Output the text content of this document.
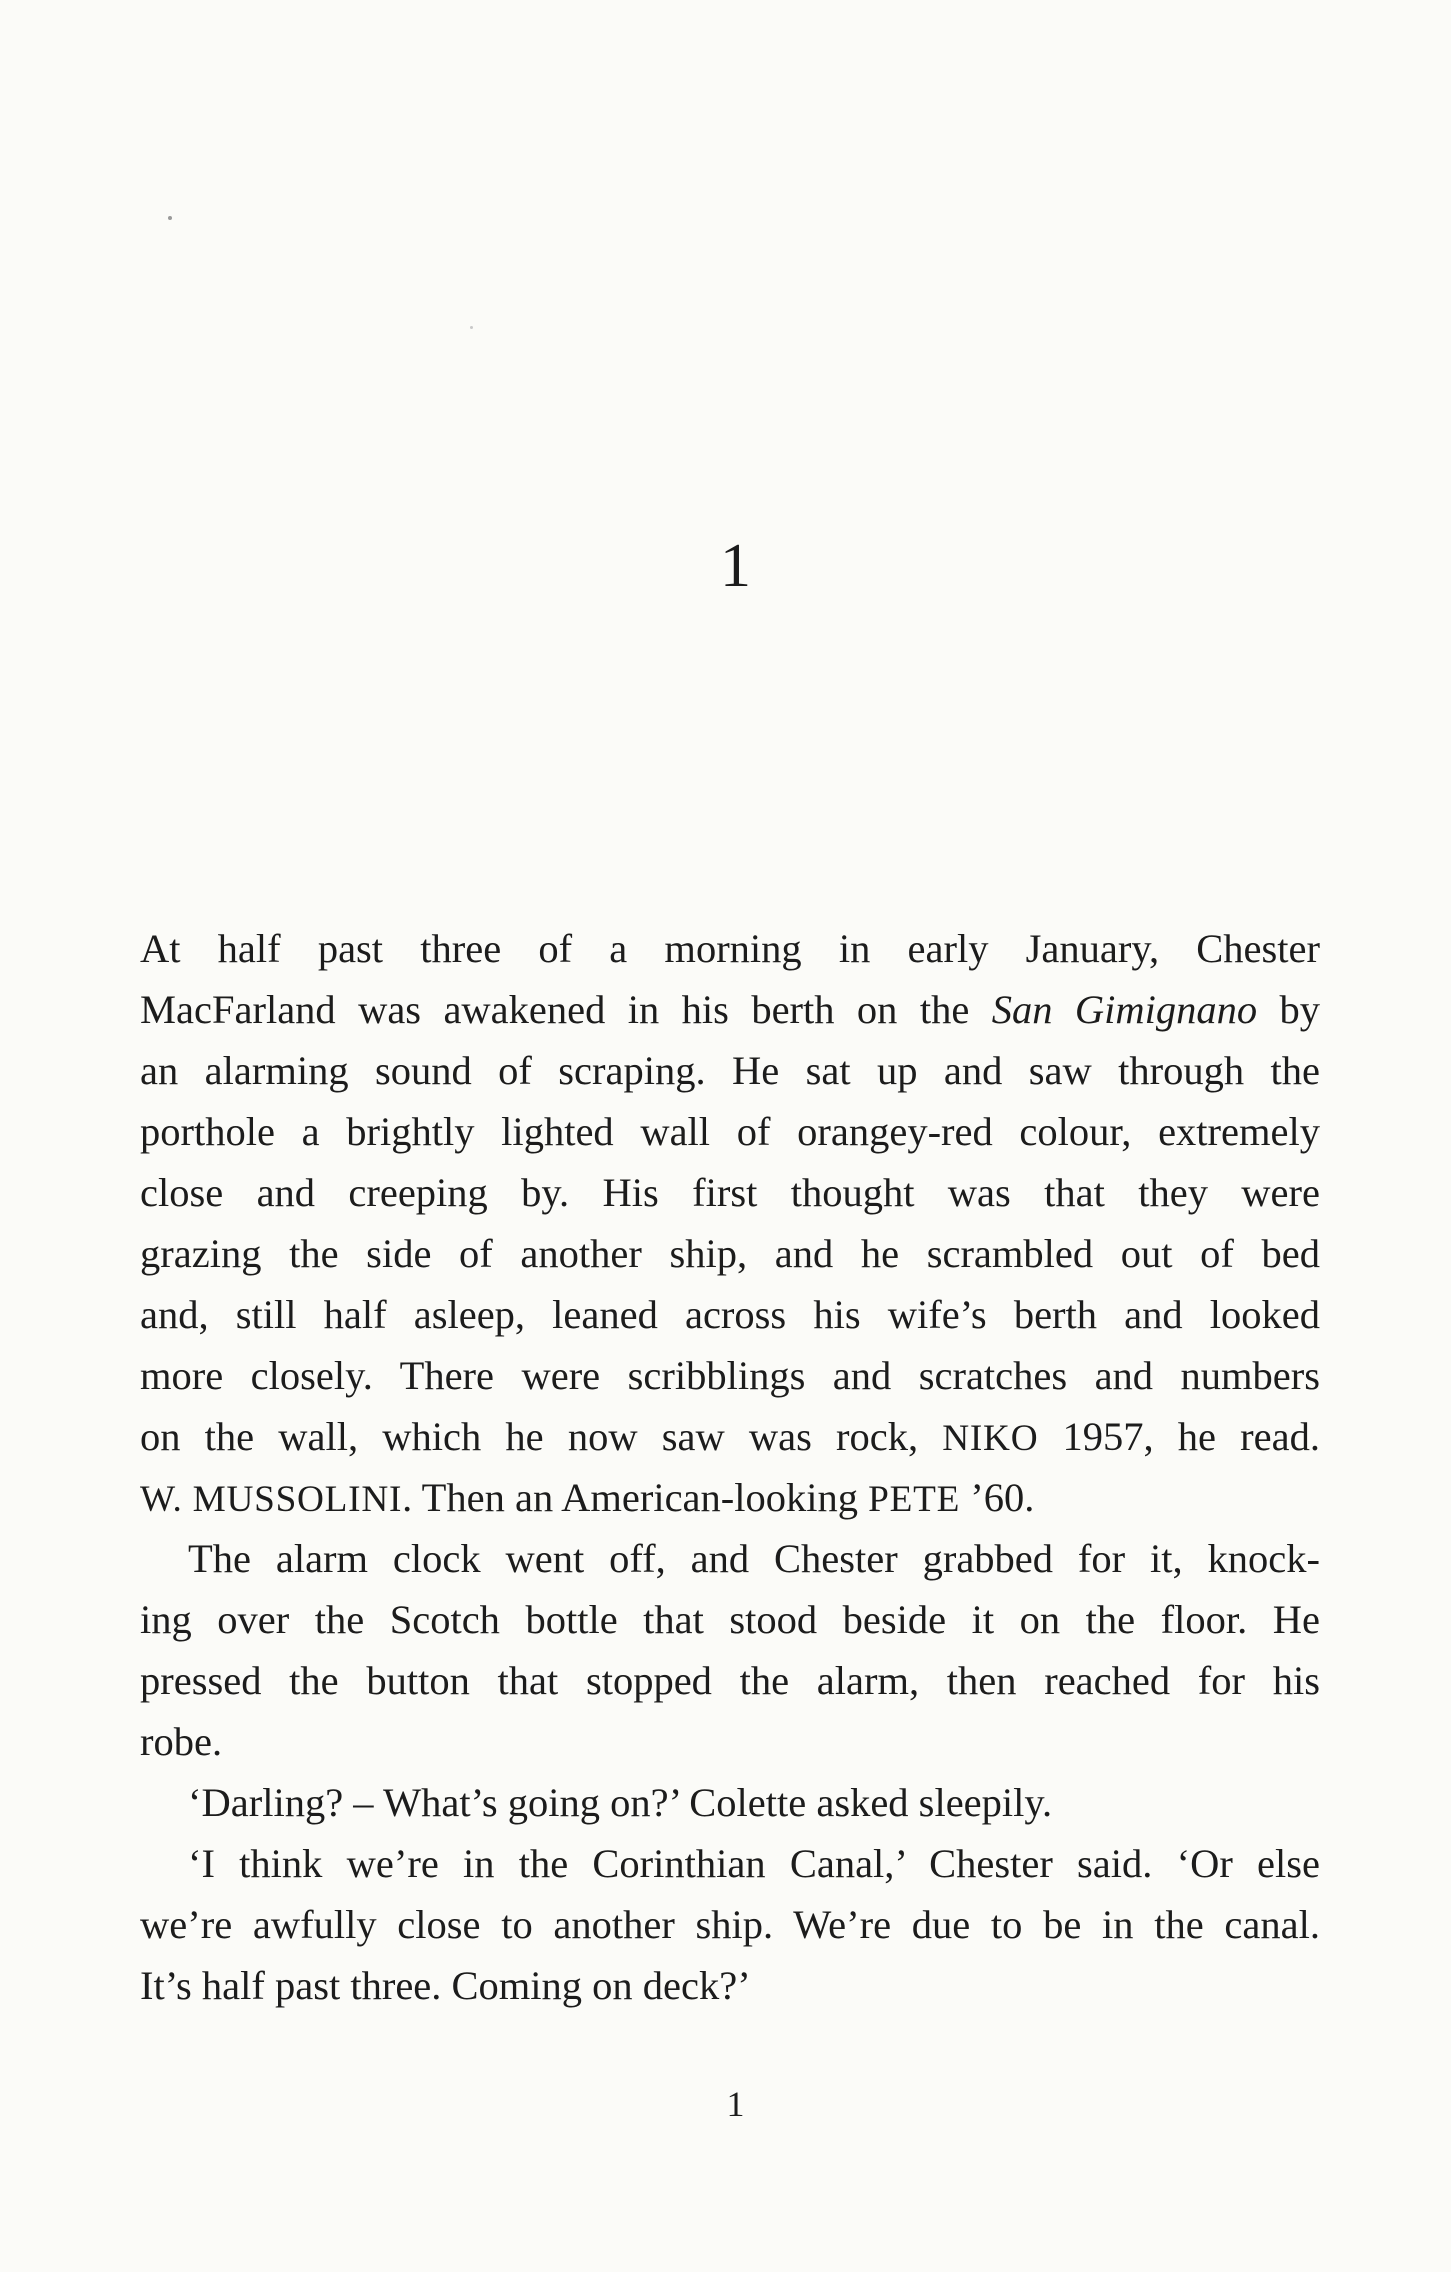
1
At half past three of a morning in early January, Chester
MacFarland was awakened in his berth on the San Gimignano by
an alarming sound of scraping. He sat up and saw through the
porthole a brightly lighted wall of orangey-red colour, extremely
close and creeping by. His first thought was that they were
grazing the side of another ship, and he scrambled out of bed
and, still half asleep, leaned across his wife’s berth and looked
more closely. There were scribblings and scratches and numbers
on the wall, which he now saw was rock, NIKO 1957, he read.
W. MUSSOLINI. Then an American-looking PETE ’60.
The alarm clock went off, and Chester grabbed for it, knock-
ing over the Scotch bottle that stood beside it on the floor. He
pressed the button that stopped the alarm, then reached for his
robe.
‘Darling? – What’s going on?’ Colette asked sleepily.
‘I think we’re in the Corinthian Canal,’ Chester said. ‘Or else
we’re awfully close to another ship. We’re due to be in the canal.
It’s half past three. Coming on deck?’
1
